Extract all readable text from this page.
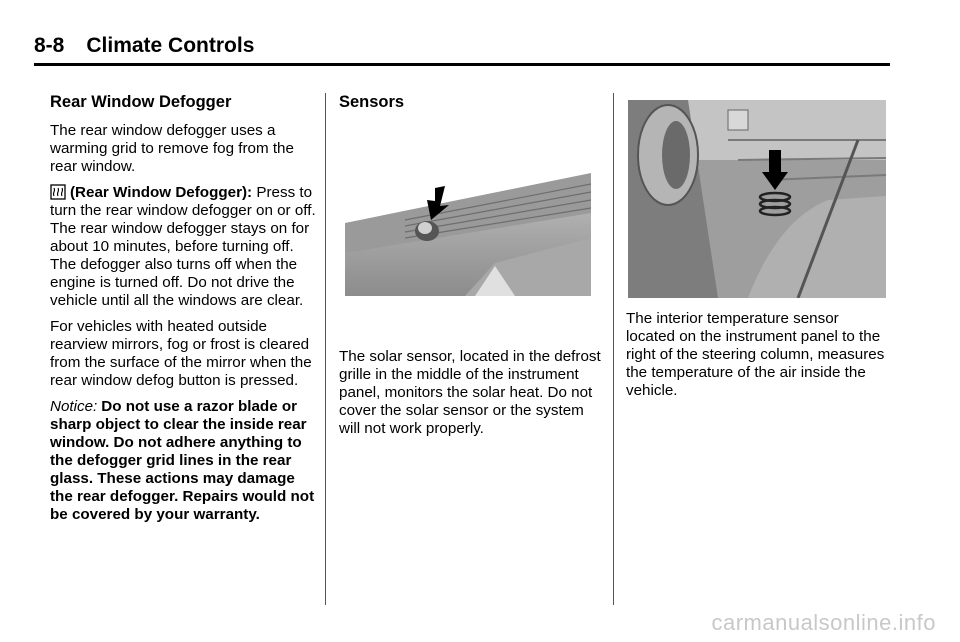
8-8 Climate Controls
Rear Window Defogger

The rear window defogger uses a warming grid to remove fog from the rear window.

(Rear Window Defogger): Press to turn the rear window defogger on or off. The rear window defogger stays on for about 10 minutes, before turning off. The defogger also turns off when the engine is turned off. Do not drive the vehicle until all the windows are clear.

For vehicles with heated outside rearview mirrors, fog or frost is cleared from the surface of the mirror when the rear window defog button is pressed.

Notice: Do not use a razor blade or sharp object to clear the inside rear window. Do not adhere anything to the defogger grid lines in the rear glass. These actions may damage the rear defogger. Repairs would not be covered by your warranty.

Sensors

The solar sensor, located in the defrost grille in the middle of the instrument panel, monitors the solar heat. Do not cover the solar sensor or the system will not work properly.

The interior temperature sensor located on the instrument panel to the right of the steering column, measures the temperature of the air inside the vehicle.

carmanualsonline.info
